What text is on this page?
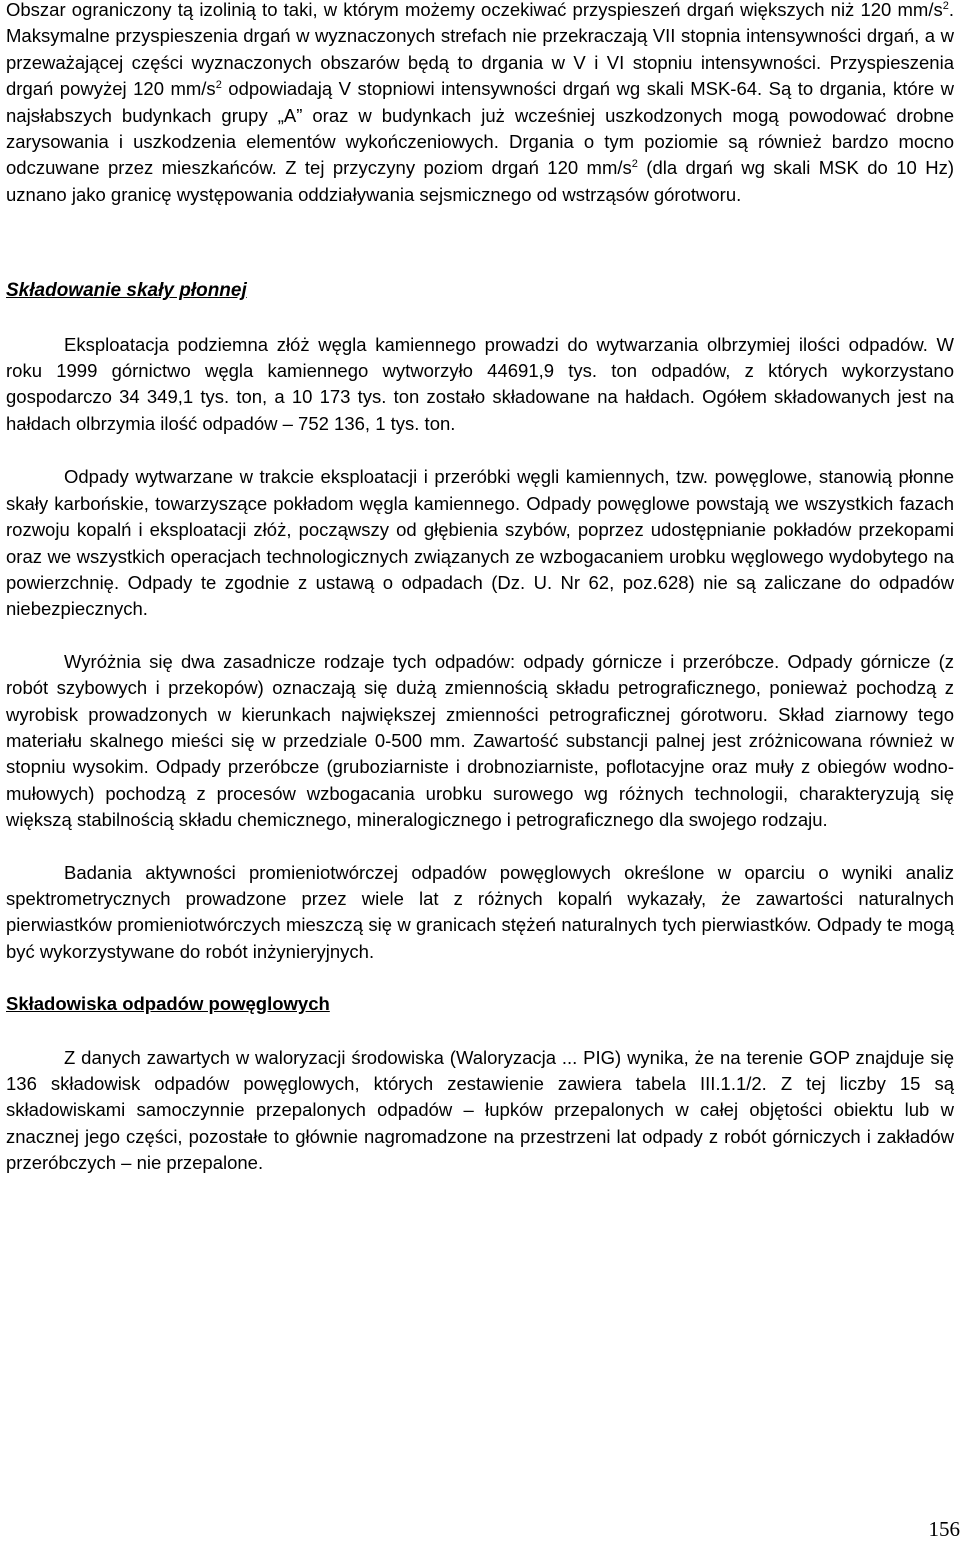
Obszar ograniczony tą izolinią to taki, w którym możemy oczekiwać przyspieszeń drgań większych niż 120 $mm/s^2$. Maksymalne przyspieszenia drgań w wyznaczonych strefach nie przekraczają VII stopnia intensywności drgań, a w przeważającej części wyznaczonych obszarów będą to drgania w V i VI stopniu intensywności. Przyspieszenia drgań powyżej 120 $mm/s^2$ odpowiadają V stopniowi intensywności drgań wg skali MSK-64. Są to drgania, które w najsłabszych budynkach grupy „A” oraz w budynkach już wcześniej uszkodzonych mogą powodować drobne zarysowania i uszkodzenia elementów wykończeniowych. Drgania o tym poziomie są również bardzo mocno odczuwane przez mieszkańców. Z tej przyczyny poziom drgań 120 $mm/s^2$ (dla drgań wg skali MSK do 10 Hz) uznano jako granicę występowania oddziaływania sejsmicznego od wstrząsów górotworu.

Składowanie skały płonnej

Eksploatacja podziemna złóż węgla kamiennego prowadzi do wytwarzania olbrzymiej ilości odpadów. W roku 1999 górnictwo węgla kamiennego wytworzyło 44691,9 tys. ton odpadów, z których wykorzystano gospodarczo 34 349,1 tys. ton, a 10 173 tys. ton zostało składowane na hałdach. Ogółem składowanych jest na hałdach olbrzymia ilość odpadów – 752 136, 1 tys. ton.

Odpady wytwarzane w trakcie eksploatacji i przeróbki węgli kamiennych, tzw. powęglowe, stanowią płonne skały karbońskie, towarzyszące pokładom węgla kamiennego. Odpady powęglowe powstają we wszystkich fazach rozwoju kopalń i eksploatacji złóż, począwszy od głębienia szybów, poprzez udostępnianie pokładów przekopami oraz we wszystkich operacjach technologicznych związanych ze wzbogacaniem urobku węglowego wydobytego na powierzchnię. Odpady te zgodnie z ustawą o odpadach (Dz. U. Nr 62, poz.628) nie są zaliczane do odpadów niebezpiecznych.

Wyróżnia się dwa zasadnicze rodzaje tych odpadów: odpady górnicze i przeróbcze. Odpady górnicze (z robót szybowych i przekopów) oznaczają się dużą zmiennością składu petrograficznego, ponieważ pochodzą z wyrobisk prowadzonych w kierunkach największej zmienności petrograficznej górotworu. Skład ziarnowy tego materiału skalnego mieści się w przedziale 0-500 mm. Zawartość substancji palnej jest zróżnicowana również w stopniu wysokim. Odpady przeróbcze (gruboziarniste i drobnoziarniste, poflotacyjne oraz muły z obiegów wodno-mułowych) pochodzą z procesów wzbogacania urobku surowego wg różnych technologii, charakteryzują się większą stabilnością składu chemicznego, mineralogicznego i petrograficznego dla swojego rodzaju.

Badania aktywności promieniotwórczej odpadów powęglowych określone w oparciu o wyniki analiz spektrometrycznych prowadzone przez wiele lat z różnych kopalń wykazały, że zawartości naturalnych pierwiastków promieniotwórczych mieszczą się w granicach stężeń naturalnych tych pierwiastków. Odpady te mogą być wykorzystywane do robót inżynieryjnych.

Składowiska odpadów powęglowych

Z danych zawartych w waloryzacji środowiska (Waloryzacja ... PIG) wynika, że na terenie GOP znajduje się 136 składowisk odpadów powęglowych, których zestawienie zawiera tabela III.1.1/2. Z tej liczby 15 są składowiskami samoczynnie przepalonych odpadów – łupków przepalonych w całej objętości obiektu lub w znacznej jego części, pozostałe to głównie nagromadzone na przestrzeni lat odpady z robót górniczych i zakładów przeróbczych – nie przepalone.

156
